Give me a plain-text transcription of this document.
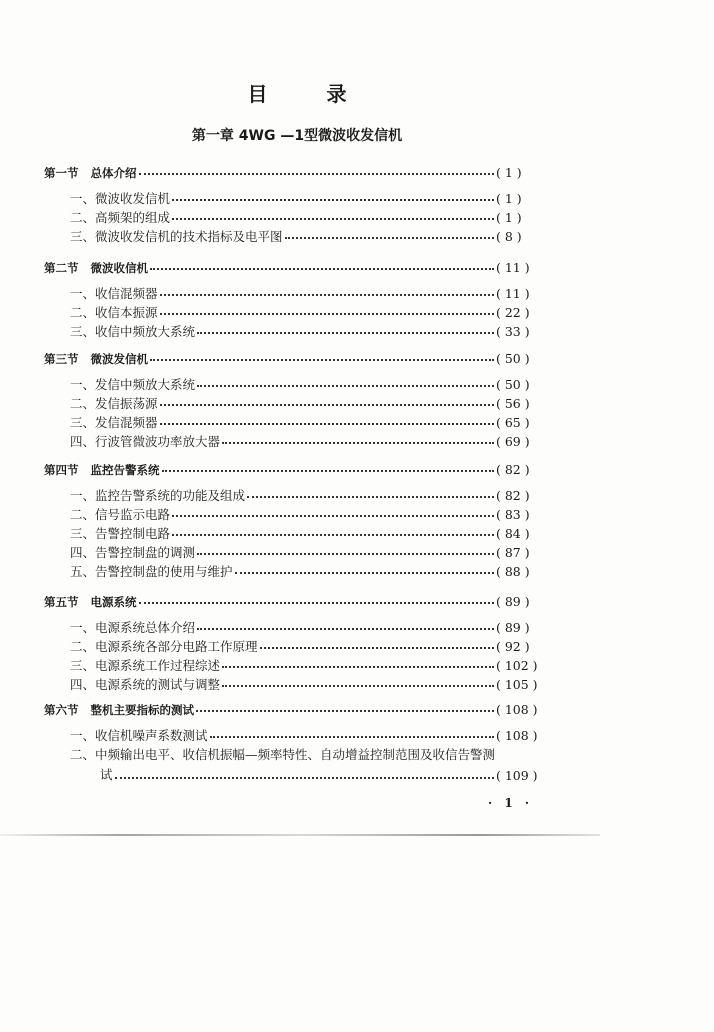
目 录
第一章 4WG —1型微波收发信机
第一节 总体介绍	( 1 )
一、 微波收发信机	( 1 )
二、 高频架的组成	( 1 )
三、 微波收发信机的技术指标及电平图	( 8 )
第二节 微波收信机	( 11 )
一、 收信混频器	( 11 )
二、 收信本振源	( 22 )
三、 收信中频放大系统	( 33 )
第三节 微波发信机	( 50 )
一、 发信中频放大系统	( 50 )
二、 发信振荡源	( 56 )
三、 发信混频器	( 65 )
四、 行波管微波功率放大器	( 69 )
第四节 监控告警系统	( 82 )
一、 监控告警系统的功能及组成	( 82 )
二、 信号监示电路	( 83 )
三、 告警控制电路	( 84 )
四、 告警控制盘的调测	( 87 )
五、 告警控制盘的使用与维护	( 88 )
第五节 电源系统	( 89 )
一、 电源系统总体介绍	( 89 )
二、 电源系统各部分电路工作原理	( 92 )
三、 电源系统工作过程综述	( 102 )
四、 电源系统的测试与调整	( 105 )
第六节 整机主要指标的测试	( 108 )
一、 收信机噪声系数测试	( 108 )
二、中频输出电平、收信机振幅—频率特性、自动增益控制范围及收信告警测
试	( 109 )
· 1 ·
